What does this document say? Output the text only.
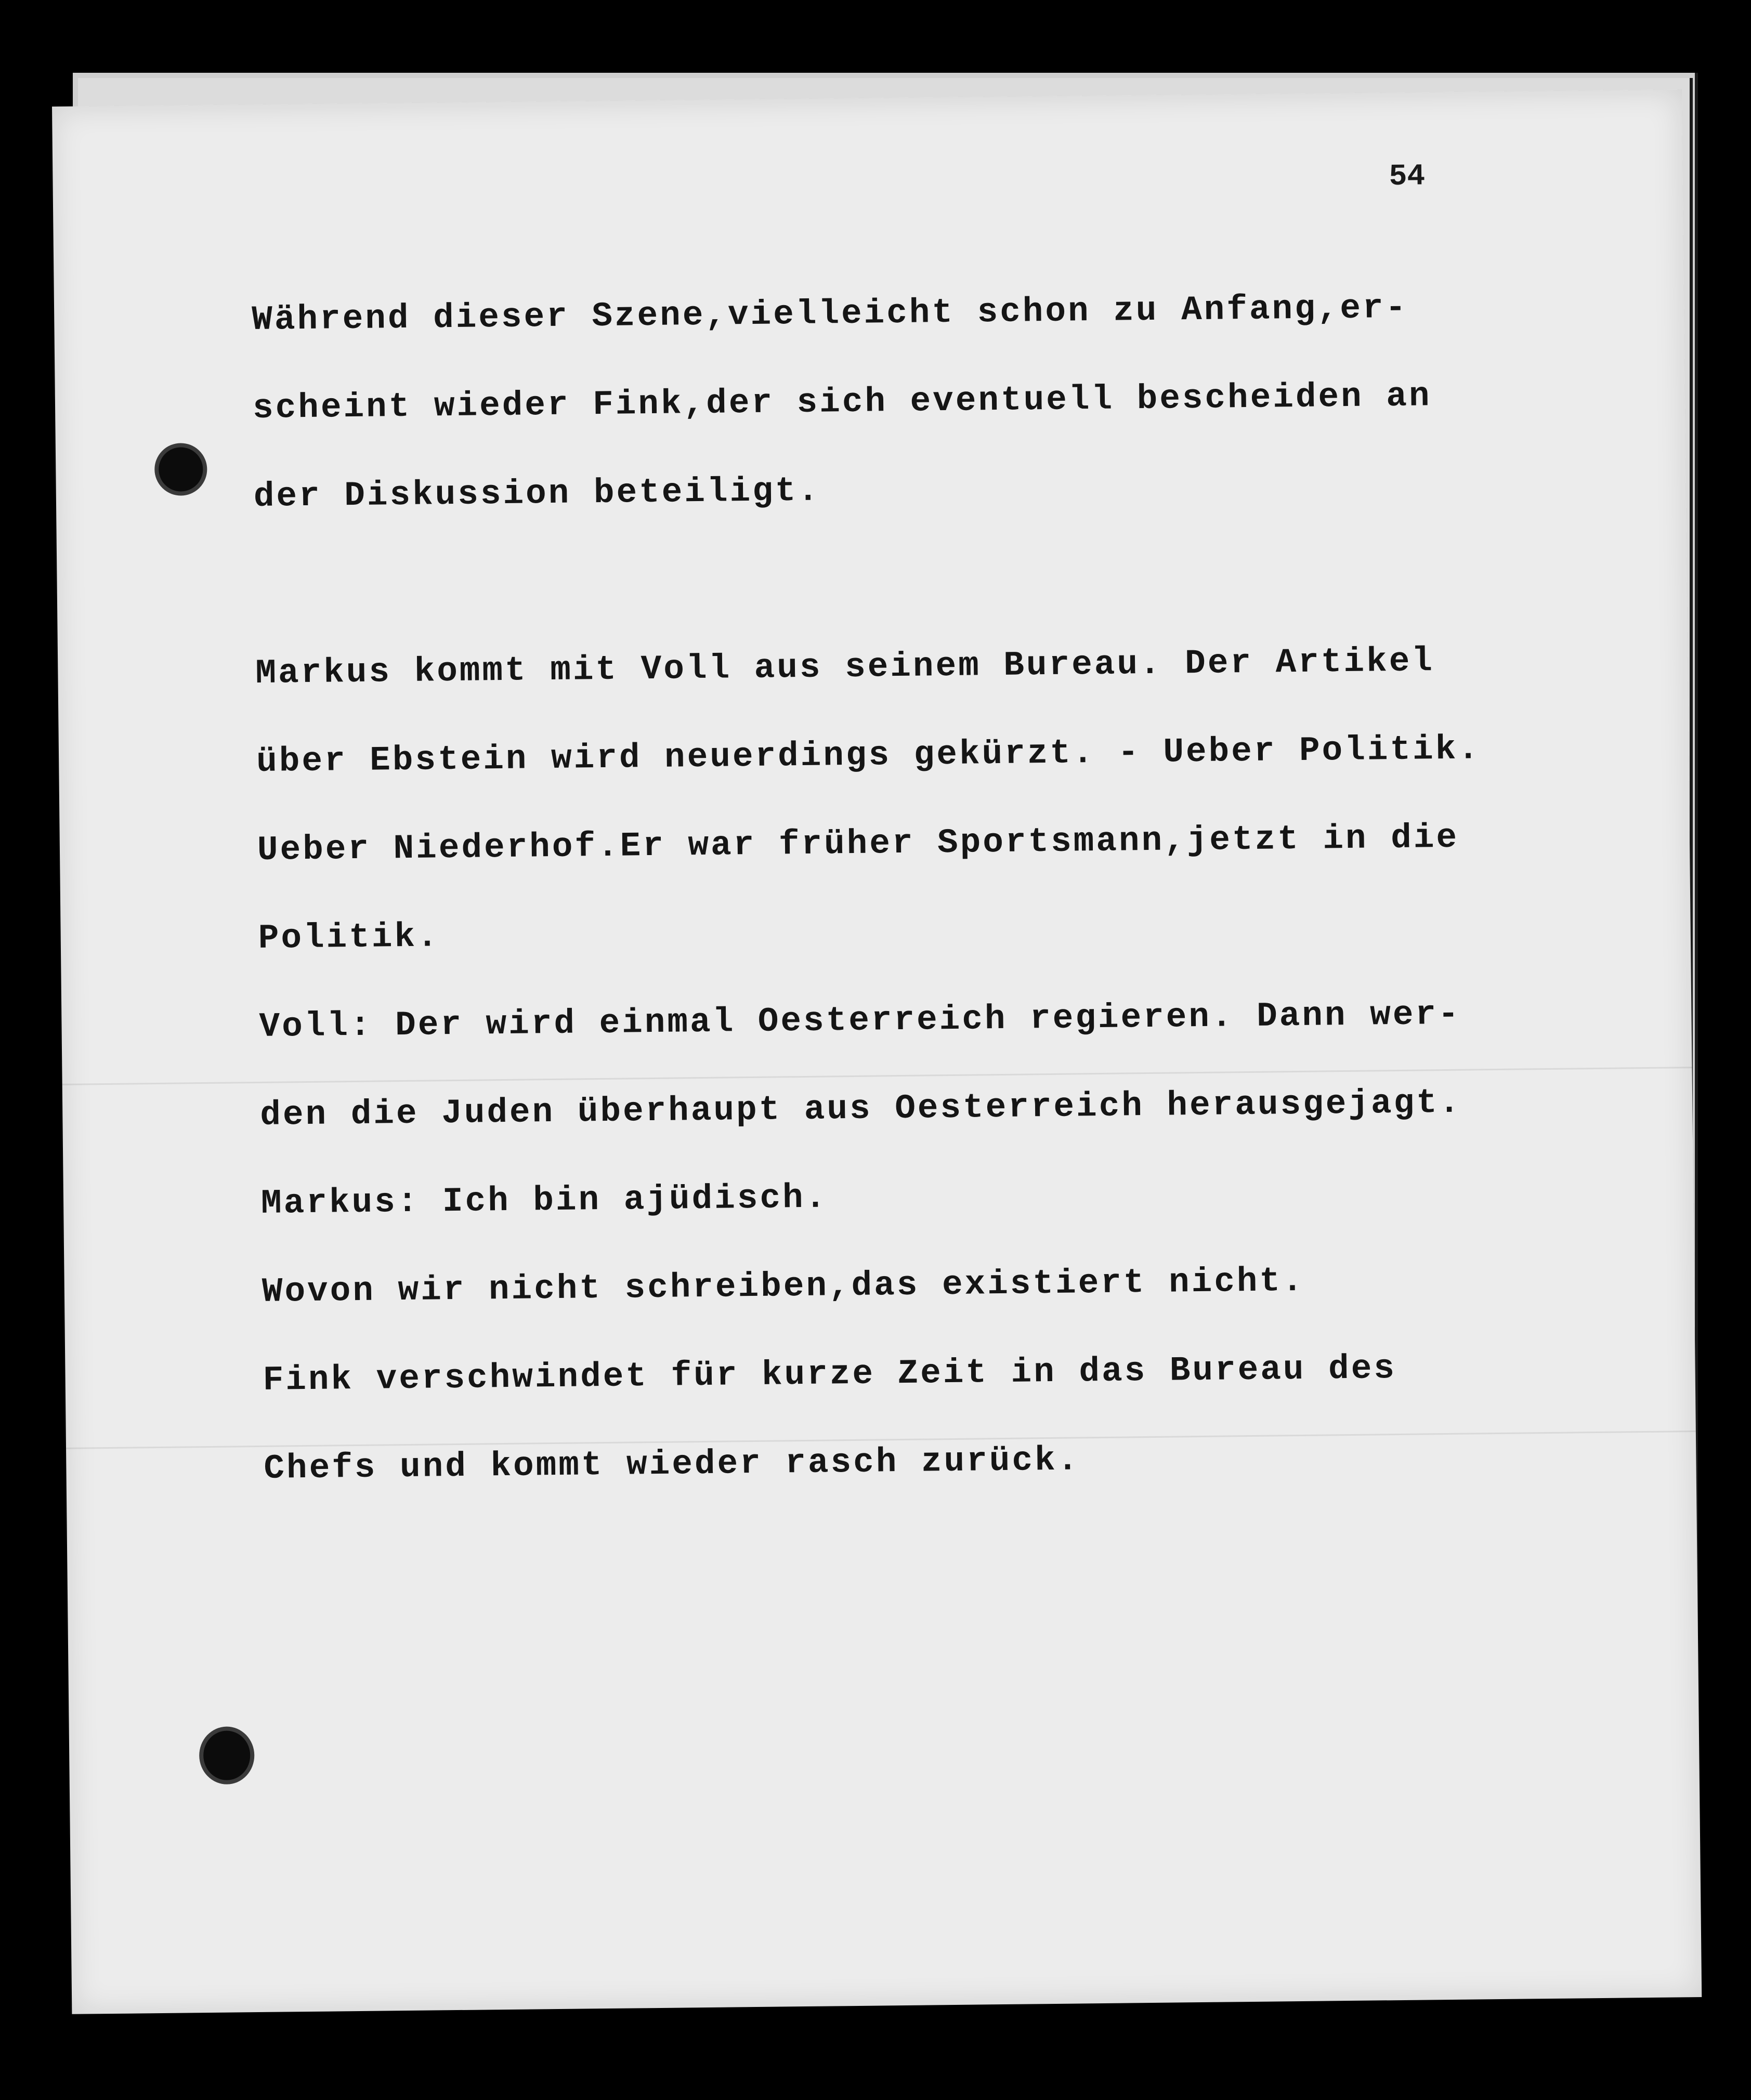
54
Während dieser Szene,vielleicht schon zu Anfang,er-
scheint wieder Fink,der sich eventuell bescheiden an
der Diskussion beteiligt.
Markus kommt mit Voll aus seinem Bureau. Der Artikel
über Ebstein wird neuerdings gekürzt. - Ueber Politik.
Ueber Niederhof.Er war früher Sportsmann,jetzt in die
Politik.
Voll: Der wird einmal Oesterreich regieren. Dann wer-
den die Juden überhaupt aus Oesterreich herausgejagt.
Markus: Ich bin ajüdisch.
Wovon wir nicht schreiben,das existiert nicht.
Fink verschwindet für kurze Zeit in das Bureau des
Chefs und kommt wieder rasch zurück.
